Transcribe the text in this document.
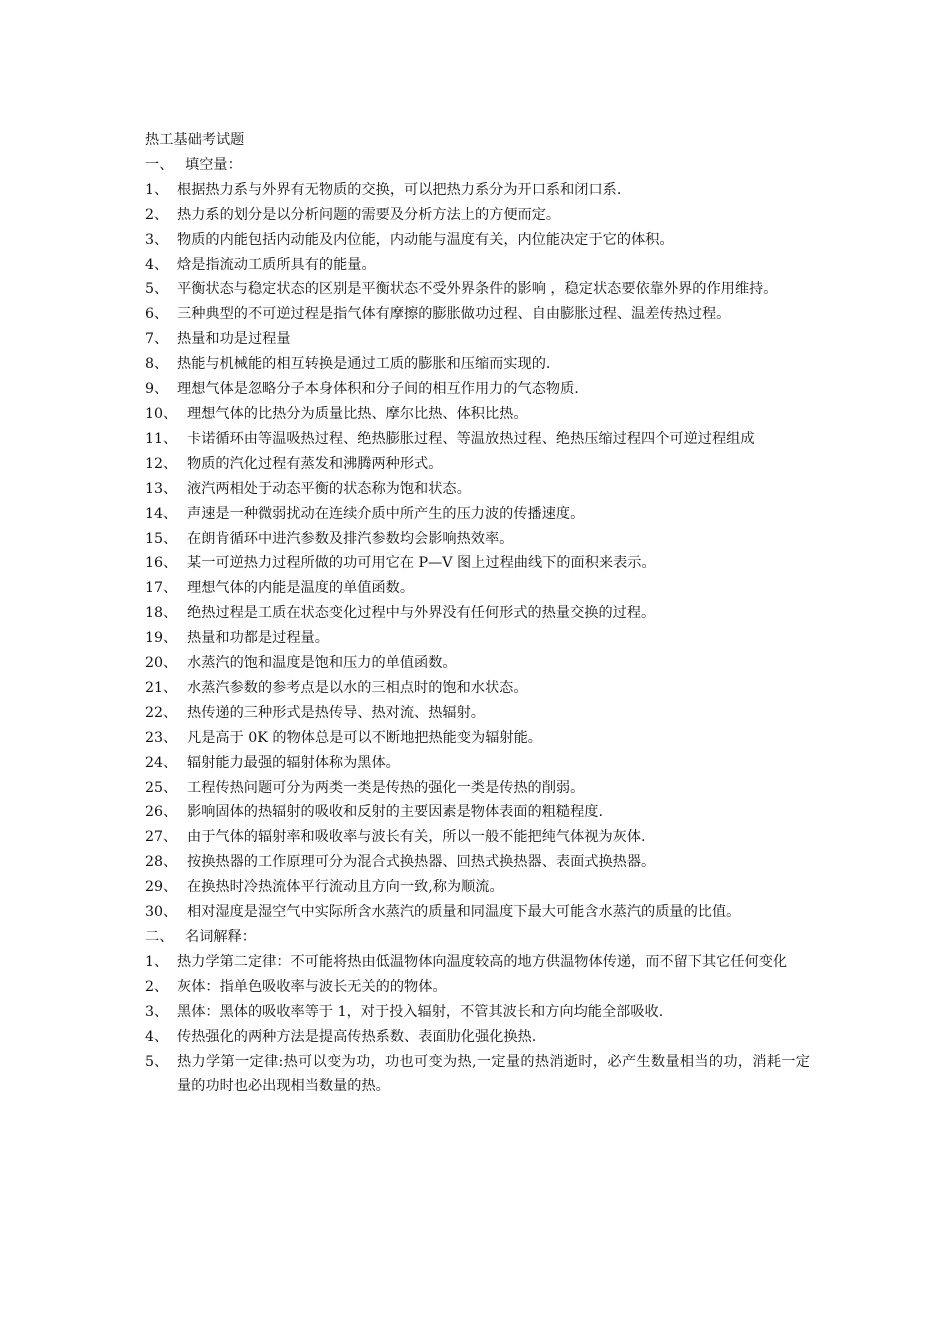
热工基础考试题
一、 填空量：
1、 根据热力系与外界有无物质的交换，可以把热力系分为开口系和闭口系.
2、 热力系的划分是以分析问题的需要及分析方法上的方便而定。
3、 物质的内能包括内动能及内位能，内动能与温度有关，内位能决定于它的体积。
4、 焓是指流动工质所具有的能量。
5、 平衡状态与稳定状态的区别是平衡状态不受外界条件的影响 ，稳定状态要依靠外界的作用维持。
6、 三种典型的不可逆过程是指气体有摩擦的膨胀做功过程、自由膨胀过程、温差传热过程。
7、 热量和功是过程量
8、 热能与机械能的相互转换是通过工质的膨胀和压缩而实现的.
9、 理想气体是忽略分子本身体积和分子间的相互作用力的气态物质.
10、 理想气体的比热分为质量比热、摩尔比热、体积比热。
11、 卡诺循环由等温吸热过程、绝热膨胀过程、等温放热过程、绝热压缩过程四个可逆过程组成
12、 物质的汽化过程有蒸发和沸腾两种形式。
13、 液汽两相处于动态平衡的状态称为饱和状态。
14、 声速是一种微弱扰动在连续介质中所产生的压力波的传播速度。
15、 在朗肯循环中进汽参数及排汽参数均会影响热效率。
16、 某一可逆热力过程所做的功可用它在 P—V 图上过程曲线下的面积来表示。
17、 理想气体的内能是温度的单值函数。
18、 绝热过程是工质在状态变化过程中与外界没有任何形式的热量交换的过程。
19、 热量和功都是过程量。
20、 水蒸汽的饱和温度是饱和压力的单值函数。
21、 水蒸汽参数的参考点是以水的三相点时的饱和水状态。
22、 热传递的三种形式是热传导、热对流、热辐射。
23、 凡是高于 0K 的物体总是可以不断地把热能变为辐射能。
24、 辐射能力最强的辐射体称为黑体。
25、 工程传热问题可分为两类一类是传热的强化一类是传热的削弱。
26、 影响固体的热辐射的吸收和反射的主要因素是物体表面的粗糙程度.
27、 由于气体的辐射率和吸收率与波长有关，所以一般不能把纯气体视为灰体.
28、 按换热器的工作原理可分为混合式换热器、回热式换热器、表面式换热器。
29、 在换热时冷热流体平行流动且方向一致,称为顺流。
30、 相对湿度是湿空气中实际所含水蒸汽的质量和同温度下最大可能含水蒸汽的质量的比值。
二、 名词解释：
1、 热力学第二定律：不可能将热由低温物体向温度较高的地方供温物体传递，而不留下其它任何变化
2、 灰体：指单色吸收率与波长无关的的物体。
3、 黑体：黑体的吸收率等于 1，对于投入辐射，不管其波长和方向均能全部吸收.
4、 传热强化的两种方法是提高传热系数、表面肋化强化换热.
5、 热力学第一定律:热可以变为功，功也可变为热,一定量的热消逝时，必产生数量相当的功，消耗一定量的功时也必出现相当数量的热。
